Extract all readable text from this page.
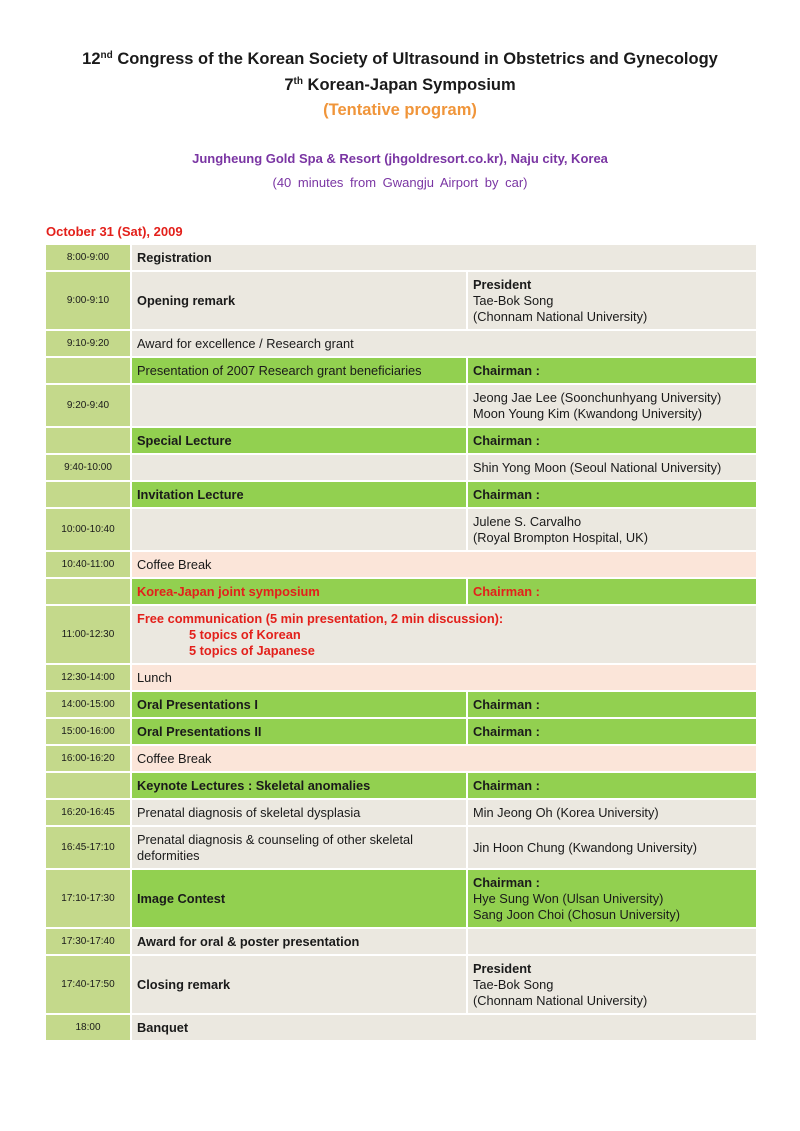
12nd Congress of the Korean Society of Ultrasound in Obstetrics and Gynecology
7th Korean-Japan Symposium
(Tentative program)
Jungheung Gold Spa & Resort (jhgoldresort.co.kr), Naju city, Korea
(40 minutes from Gwangju Airport by car)
October 31 (Sat), 2009
8:00-9:00	Registration	
9:00-9:10	Opening remark	President
Tae-Bok Song
(Chonnam National University)

9:10-9:20	Award for excellence / Research grant	
	Presentation of 2007 Research grant beneficiaries	Chairman :
9:20-9:40		Jeong Jae Lee (Soonchunhyang University)
Moon Young Kim (Kwandong University)

	Special Lecture	Chairman :
9:40-10:00		Shin Yong Moon (Seoul National University)
	Invitation Lecture	Chairman :
10:00-10:40		Julene S. Carvalho
(Royal Brompton Hospital, UK)

10:40-11:00	Coffee Break	
	Korea-Japan joint symposium	Chairman :
11:00-12:30	Free communication (5 min presentation, 2 min discussion):
5 topics of Korean
5 topics of Japanese	

12:30-14:00	Lunch	
14:00-15:00	Oral Presentations I	Chairman :
15:00-16:00	Oral Presentations II	Chairman :
16:00-16:20	Coffee Break	
	Keynote Lectures : Skeletal anomalies	Chairman :
16:20-16:45	Prenatal diagnosis of skeletal dysplasia	Min Jeong Oh (Korea University)
16:45-17:10	Prenatal diagnosis & counseling of other skeletal deformities	Jin Hoon Chung (Kwandong University)
17:10-17:30	Image Contest	Chairman :
Hye Sung Won (Ulsan University)
Sang Joon Choi (Chosun University)

17:30-17:40	Award for oral & poster presentation	
17:40-17:50	Closing remark	President
Tae-Bok Song
(Chonnam National University)

18:00	Banquet	
